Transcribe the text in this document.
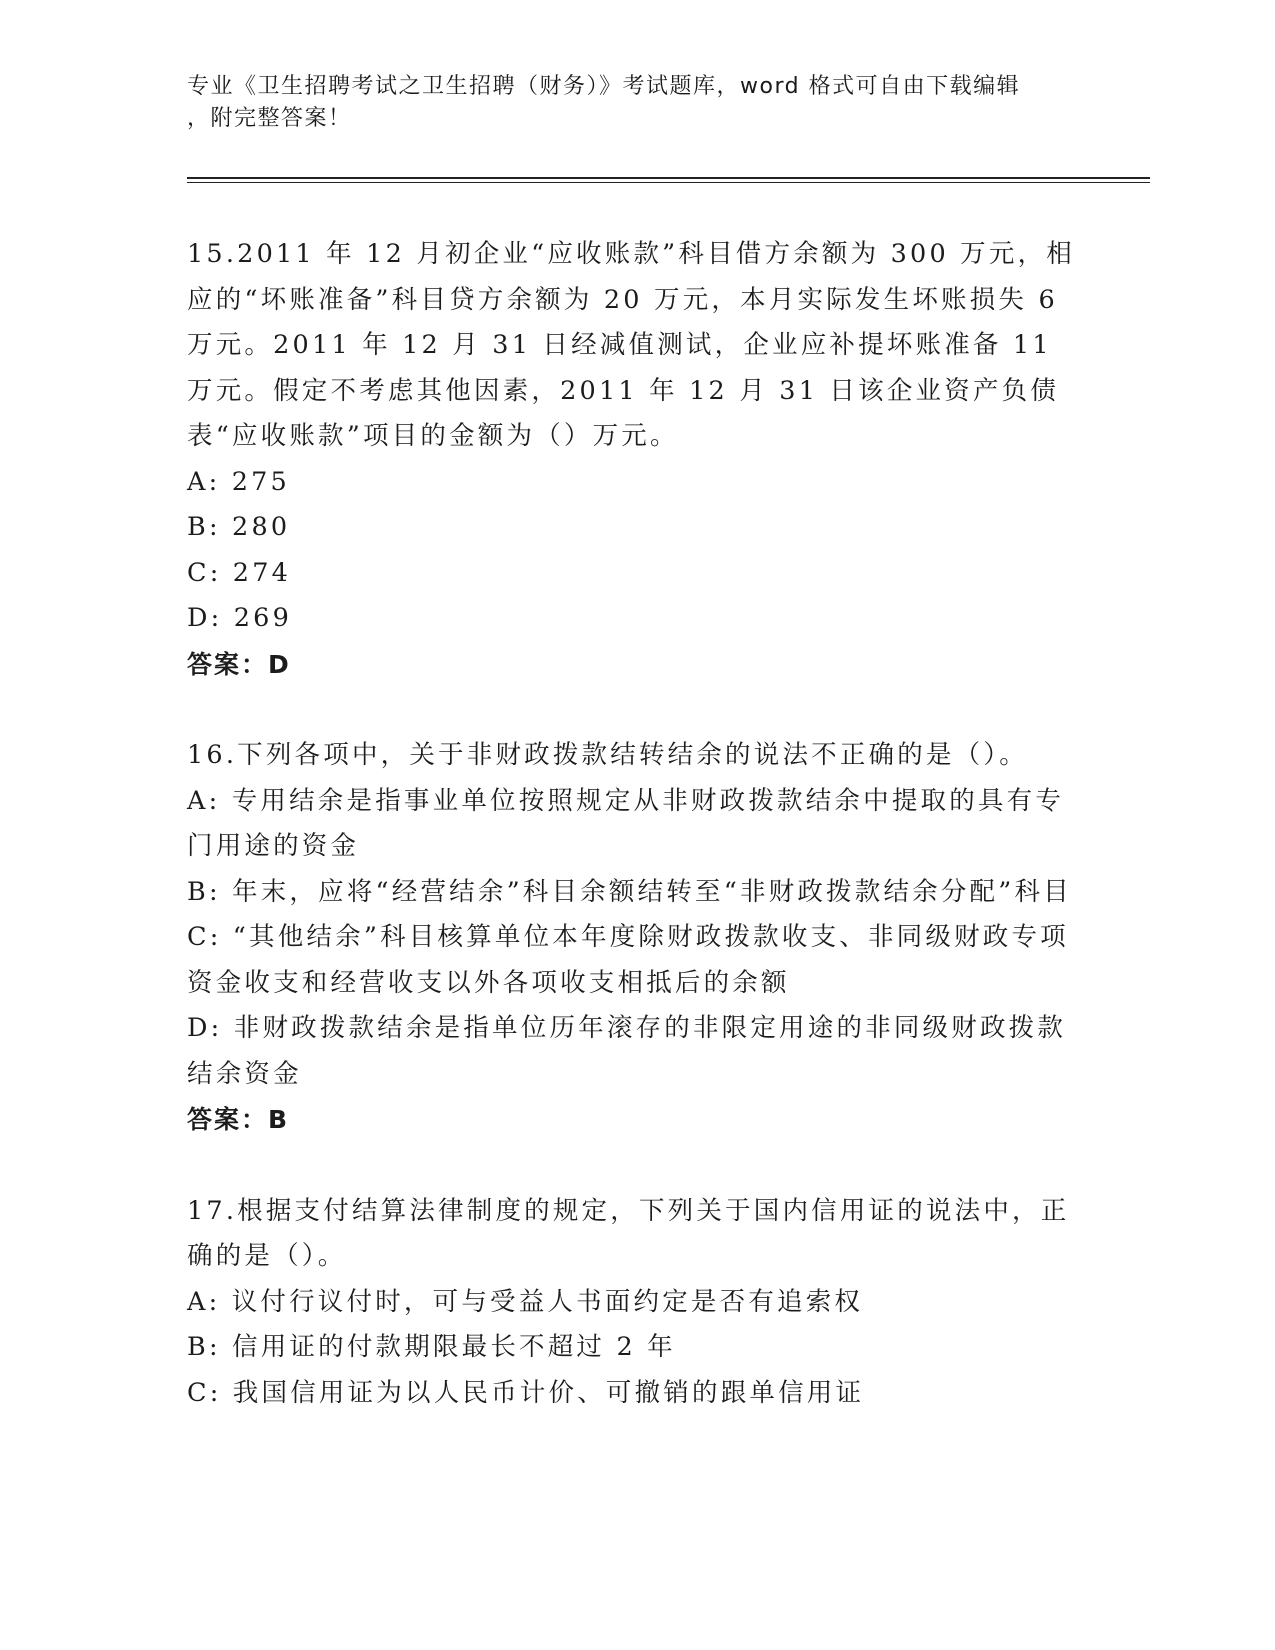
专业《卫生招聘考试之卫生招聘（财务）》考试题库，word 格式可自由下载编辑
，附完整答案！

15.2011 年 12 月初企业“应收账款”科目借方余额为 300 万元，相应的“坏账准备”科目贷方余额为 20 万元，本月实际发生坏账损失 6 万元。2011 年 12 月 31 日经减值测试，企业应补提坏账准备 11 万元。假定不考虑其他因素，2011 年 12 月 31 日该企业资产负债表“应收账款”项目的金额为（）万元。

A: 275

B: 280

C: 274

D: 269

答案：D

16.下列各项中，关于非财政拨款结转结余的说法不正确的是（）。

A: 专用结余是指事业单位按照规定从非财政拨款结余中提取的具有专门用途的资金

B: 年末，应将“经营结余”科目余额结转至“非财政拨款结余分配”科目

C: “其他结余”科目核算单位本年度除财政拨款收支、非同级财政专项资金收支和经营收支以外各项收支相抵后的余额

D: 非财政拨款结余是指单位历年滚存的非限定用途的非同级财政拨款结余资金

答案：B

17.根据支付结算法律制度的规定，下列关于国内信用证的说法中，正确的是（）。

A: 议付行议付时，可与受益人书面约定是否有追索权

B: 信用证的付款期限最长不超过 2 年

C: 我国信用证为以人民币计价、可撤销的跟单信用证
